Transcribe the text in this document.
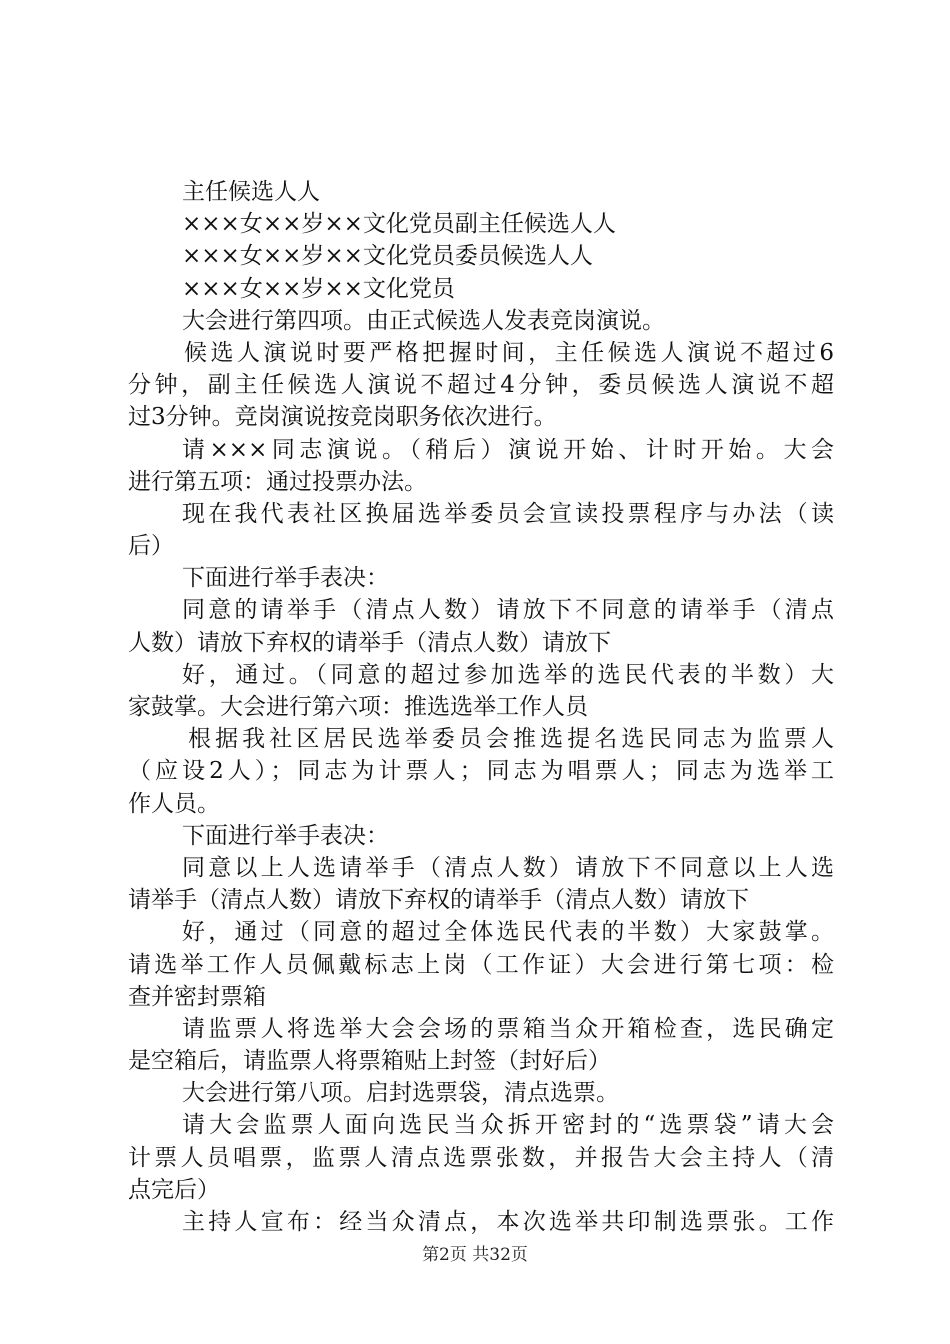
主任候选人人
×××女××岁××文化党员副主任候选人人
×××女××岁××文化党员委员候选人人
×××女××岁××文化党员
大会进行第四项。由正式候选人发表竞岗演说。
候选人演说时要严格把握时间，主任候选人演说不超过6
分钟，副主任候选人演说不超过4分钟，委员候选人演说不超
过3分钟。竞岗演说按竞岗职务依次进行。
请×××同志演说。（稍后）演说开始、计时开始。大会
进行第五项：通过投票办法。
现在我代表社区换届选举委员会宣读投票程序与办法（读
后）
下面进行举手表决：
同意的请举手（清点人数）请放下不同意的请举手（清点
人数）请放下弃权的请举手（清点人数）请放下
好，通过。（同意的超过参加选举的选民代表的半数）大
家鼓掌。大会进行第六项：推选选举工作人员
根据我社区居民选举委员会推选提名选民同志为监票人
（应设2人）；同志为计票人；同志为唱票人；同志为选举工
作人员。
下面进行举手表决：
同意以上人选请举手（清点人数）请放下不同意以上人选
请举手（清点人数）请放下弃权的请举手（清点人数）请放下
好，通过（同意的超过全体选民代表的半数）大家鼓掌。
请选举工作人员佩戴标志上岗（工作证）大会进行第七项：检
查并密封票箱
请监票人将选举大会会场的票箱当众开箱检查，选民确定
是空箱后，请监票人将票箱贴上封签（封好后）
大会进行第八项。启封选票袋，清点选票。
请大会监票人面向选民当众拆开密封的“选票袋”请大会
计票人员唱票，监票人清点选票张数，并报告大会主持人（清
点完后）
主持人宣布：经当众清点，本次选举共印制选票张。工作
第2页 共32页
